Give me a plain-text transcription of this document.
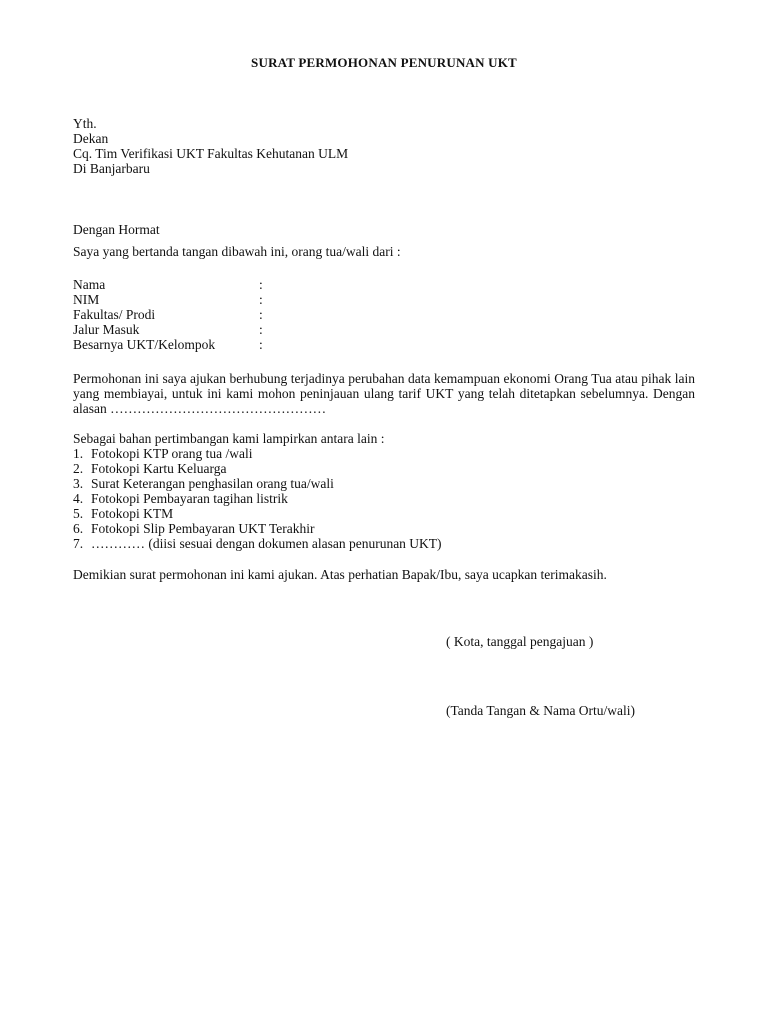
SURAT PERMOHONAN PENURUNAN UKT
Yth.
Dekan
Cq. Tim Verifikasi UKT Fakultas Kehutanan ULM
Di Banjarbaru
Dengan Hormat
Saya yang bertanda tangan dibawah ini, orang tua/wali dari :
Nama	:
NIM	:
Fakultas/ Prodi	:
Jalur Masuk	:
Besarnya UKT/Kelompok	:
Permohonan ini saya ajukan berhubung terjadinya perubahan data kemampuan ekonomi Orang Tua atau pihak lain yang membiayai, untuk ini kami mohon peninjauan ulang tarif UKT yang telah ditetapkan sebelumnya. Dengan alasan …………………………………………
Sebagai bahan pertimbangan kami lampirkan antara lain :
1. Fotokopi KTP orang tua /wali
2. Fotokopi Kartu Keluarga
3. Surat Keterangan penghasilan orang tua/wali
4. Fotokopi Pembayaran tagihan listrik
5. Fotokopi KTM
6. Fotokopi Slip Pembayaran UKT Terakhir
7. ………… (diisi sesuai dengan dokumen alasan penurunan UKT)
Demikian surat permohonan ini kami ajukan. Atas perhatian Bapak/Ibu, saya ucapkan terimakasih.
( Kota, tanggal pengajuan )
(Tanda Tangan & Nama Ortu/wali)
